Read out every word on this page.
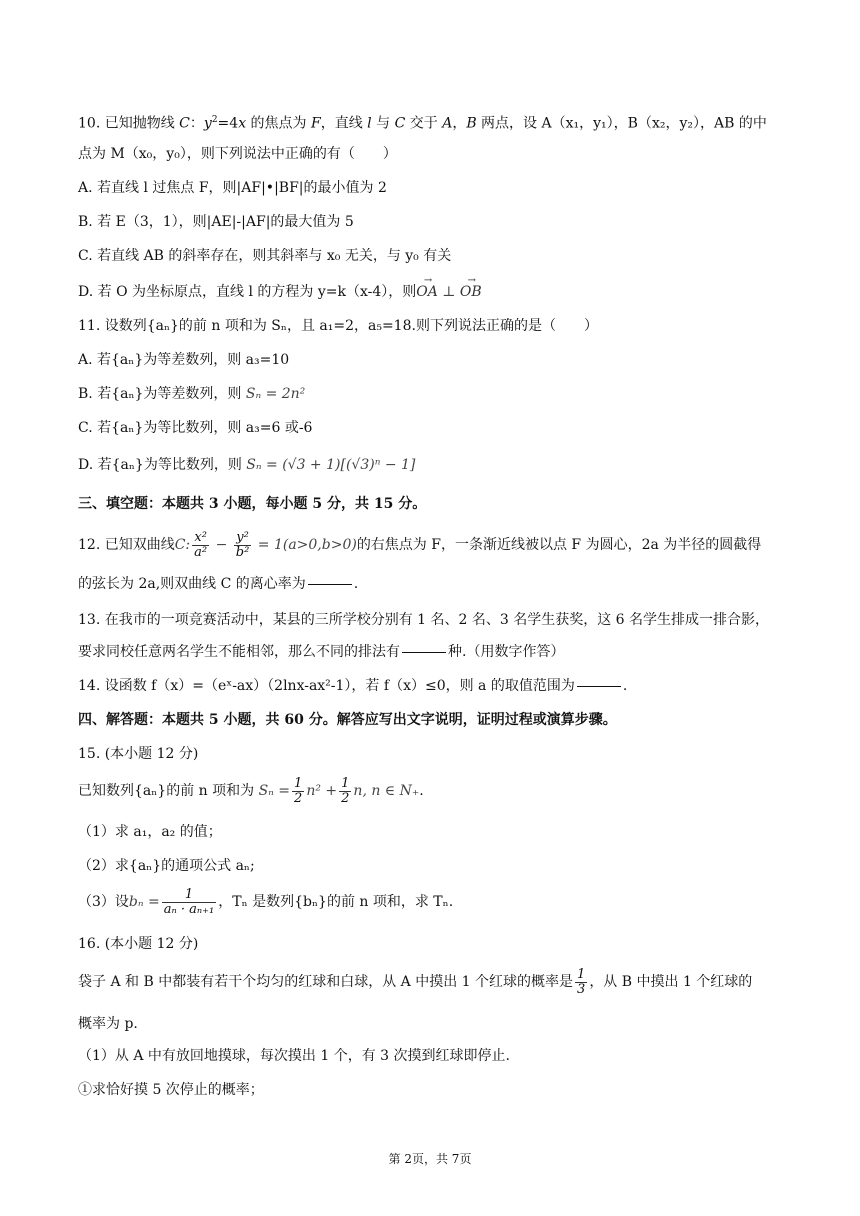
10. 已知抛物线 C：$y^2=4x$ 的焦点为 F，直线 l 与 C 交于 A，B 两点，设 A（x₁，y₁），B（x₂，y₂），AB 的中
点为 M（x₀，y₀），则下列说法中正确的有（　　）
A. 若直线 l 过焦点 F，则|AF|•|BF|的最小值为 2
B. 若 E（3，1），则|AE|-|AF|的最大值为 5
C. 若直线 AB 的斜率存在，则其斜率与 x₀ 无关，与 y₀ 有关
D. 若 O 为坐标原点，直线 l 的方程为 y=k（x-4），则→ OA ⊥ → OB
11. 设数列{aₙ}的前 n 项和为 Sₙ，且 a₁=2，a₅=18.则下列说法正确的是（　　）
A. 若{aₙ}为等差数列，则 a₃=10
B. 若{aₙ}为等差数列，则 Sₙ = 2n²
C. 若{aₙ}为等比数列，则 a₃=6 或-6
D. 若{aₙ}为等比数列，则 Sₙ = (√3 + 1)[(√3)ⁿ − 1]
三、填空题：本题共 3 小题，每小题 5 分，共 15 分。
12. 已知双曲线C: $\frac{\text{x²}}{\text{a²}} - \frac{\text{y²}}{\text{b²}} = 1(a>0,b>0)$的右焦点为 F，一条渐近线被以点 F 为圆心，2a 为半径的圆截得
的弦长为 2a,则双曲线 C 的离心率为	.
13. 在我市的一项竞赛活动中，某县的三所学校分别有 1 名、2 名、3 名学生获奖，这 6 名学生排成一排合影，
要求同校任意两名学生不能相邻，那么不同的排法有	种.（用数字作答）
14. 设函数 f（x）=（eˣ-ax）（2lnx-ax²-1），若 f（x）≤0，则 a 的取值范围为	.
四、解答题：本题共 5 小题，共 60 分。解答应写出文字说明，证明过程或演算步骤。
15. (本小题 12 分)
已知数列{aₙ}的前 n 项和为 $S_n = \frac{1}{2} n^2 + \frac{1}{2} n$, n ∈ N₊.
（1）求 a₁，a₂ 的值；
（2）求{aₙ}的通项公式 aₙ;
（3）设$b_n = \frac{1}{\text{aₙ · aₙ₊₁}}$ ，Tₙ 是数列{bₙ}的前 n 项和，求 Tₙ.
16. (本小题 12 分)
袋子 A 和 B 中都装有若干个均匀的红球和白球，从 A 中摸出 1 个红球的概率是 $\frac{1}{3}$ ，从 B 中摸出 1 个红球的
概率为 p.
（1）从 A 中有放回地摸球，每次摸出 1 个，有 3 次摸到红球即停止.
①求恰好摸 5 次停止的概率；
第 2页，共 7页
